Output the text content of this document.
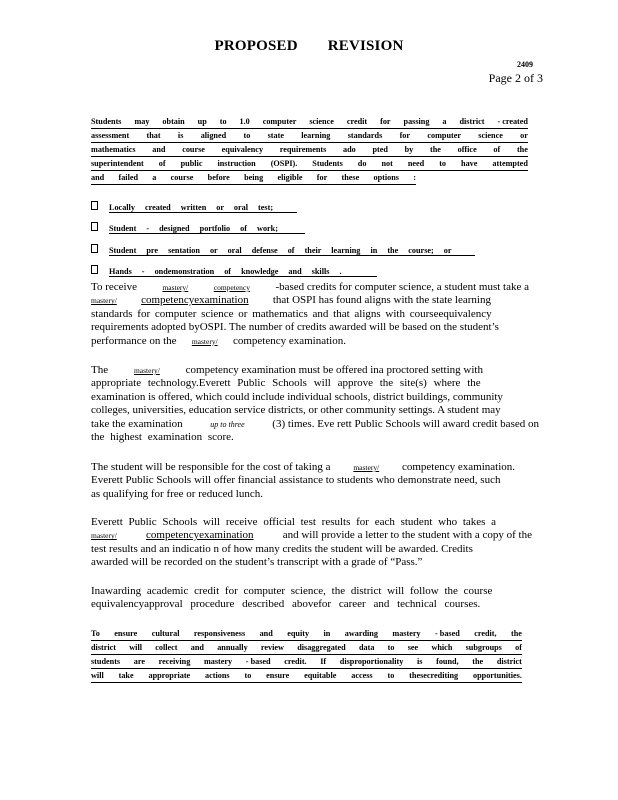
PROPOSED REVISION
2409
Page 2 of 3
Students may obtain up to 1.0 computer science credit for passing a district - created
assessment that is aligned to state learning standards for computer science or
mathematics and course equivalency requirements ado pted by the office of the
superintendent of public instruction (OSPI). Students do not need to have attempted
and failed a course before being eligible for these options :
Locally created written or oral test;
Student - designed portfolio of work;
Student pre sentation or oral defense of their learning in the course; or
Hands - ondemonstration of knowledge and skills .
To receive	mastery/	competency -based credits for computer science, a student must take a
mastery/ competencyexamination that OSPI has found aligns with the state learning
standards for computer science or mathematics and that aligns with courseequivalency
requirements adopted byOSPI. The number of credits awarded will be based on the student’s
performance on the mastery/ competency examination.
The	mastery/ competency examination must be offered ina proctored setting with
appropriate technology.Everett Public Schools will approve the site(s) where the
examination is offered, which could include individual schools, district buildings, community
colleges, universities, education service districts, or other community settings. A student may
take the examination	up to three	(3) times. Eve rett Public Schools will award credit based on
the highest examination score.
The student will be responsible for the cost of taking a	mastery/ competency examination.
Everett Public Schools will offer financial assistance to students who demonstrate need, such
as qualifying for free or reduced lunch.
Everett Public Schools will receive official test results for each student who takes a
mastery/	competencyexamination	and will provide a letter to the student with a copy of the
test results and an indicatio n of how many credits the student will be awarded. Credits
awarded will be recorded on the student’s transcript with a grade of “Pass.”
Inawarding academic credit for computer science, the district will follow the course
equivalencyapproval procedure described abovefor career and technical courses.
To ensure cultural responsiveness and equity in awarding mastery - based credit, the
district will collect and annually review disaggregated data to see which subgroups of
students are receiving mastery - based credit. If disproportionality is found, the district
will take appropriate actions to ensure equitable access to thesecrediting opportunities.
